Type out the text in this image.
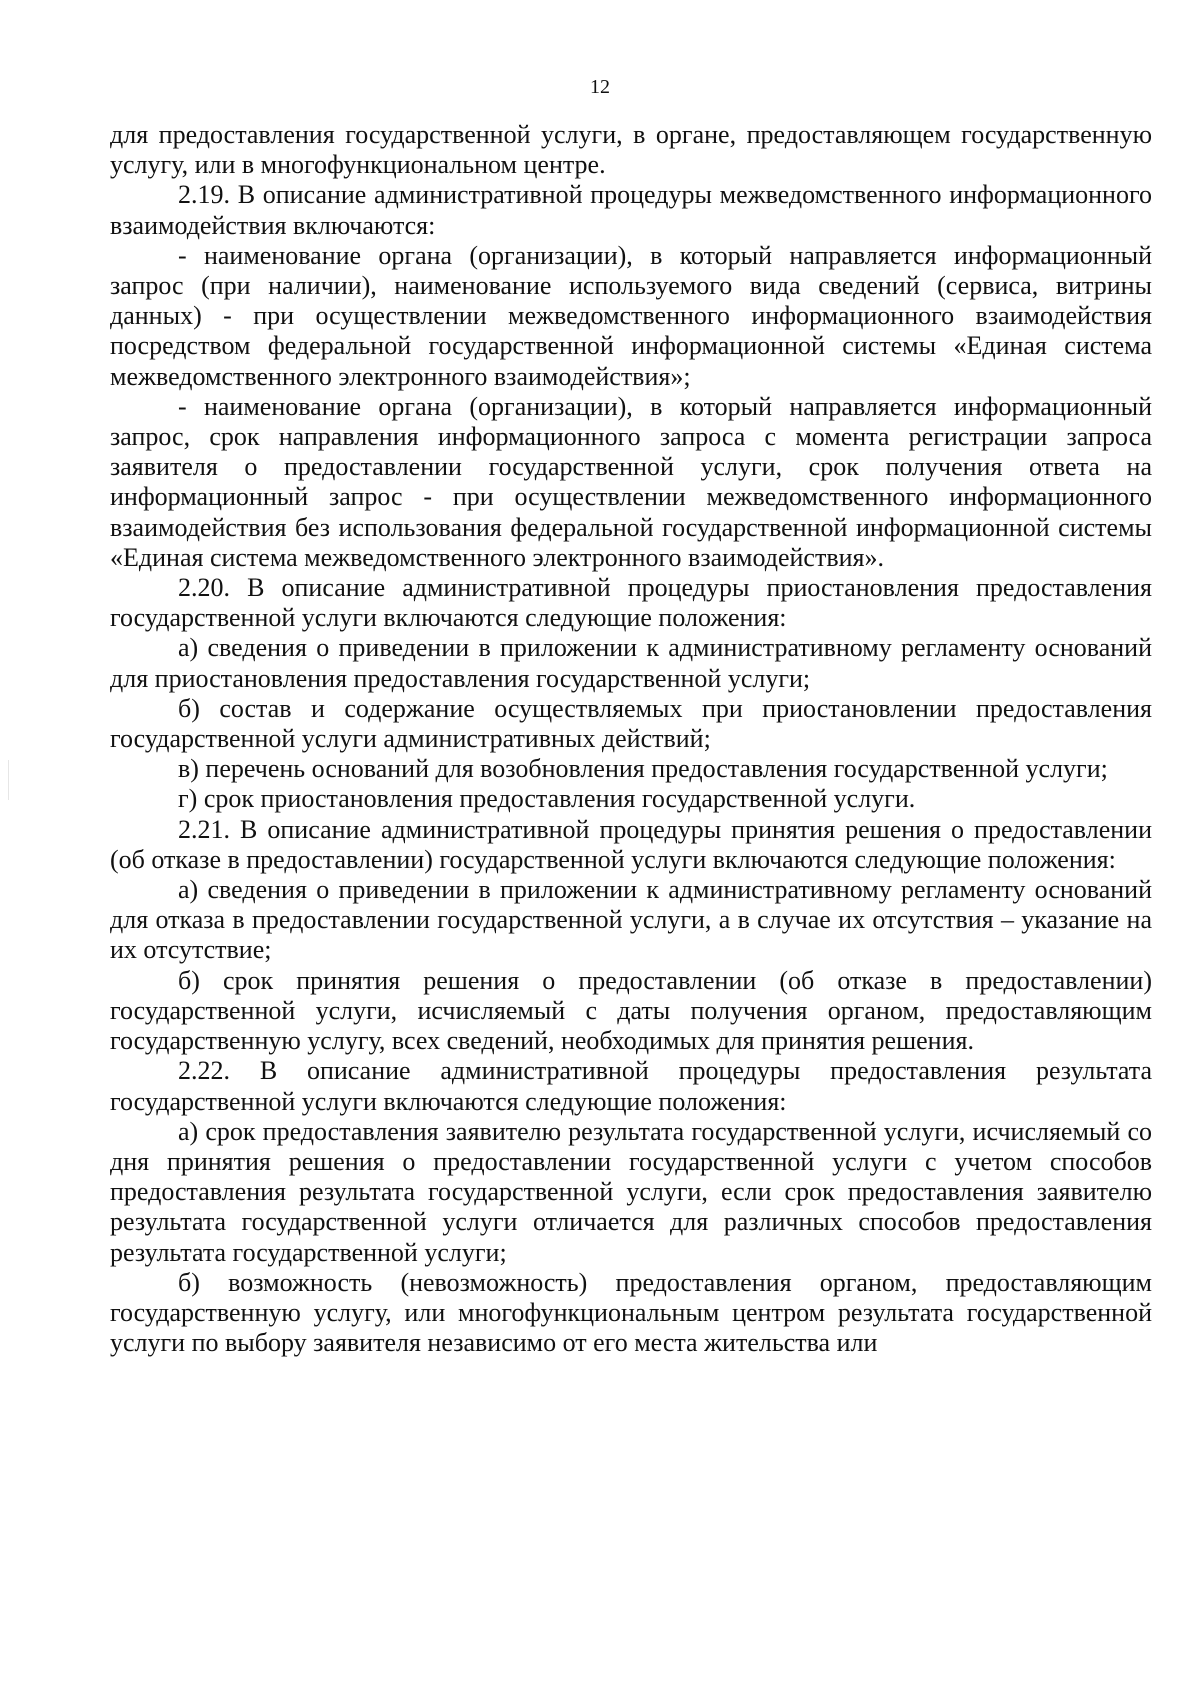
12

для предоставления государственной услуги, в органе, предоставляющем государственную услугу, или в многофункциональном центре.

2.19. В описание административной процедуры межведомственного информационного взаимодействия включаются:

- наименование органа (организации), в который направляется информационный запрос (при наличии), наименование используемого вида сведений (сервиса, витрины данных) - при осуществлении межведомственного информационного взаимодействия посредством федеральной государственной информационной системы «Единая система межведомственного электронного взаимодействия»;

- наименование органа (организации), в который направляется информационный запрос, срок направления информационного запроса с момента регистрации запроса заявителя о предоставлении государственной услуги, срок получения ответа на информационный запрос - при осуществлении межведомственного информационного взаимодействия без использования федеральной государственной информационной системы «Единая система межведомственного электронного взаимодействия».

2.20. В описание административной процедуры приостановления предоставления государственной услуги включаются следующие положения:

а) сведения о приведении в приложении к административному регламенту оснований для приостановления предоставления государственной услуги;

б) состав и содержание осуществляемых при приостановлении предоставления государственной услуги административных действий;

в) перечень оснований для возобновления предоставления государственной услуги;

г) срок приостановления предоставления государственной услуги.

2.21. В описание административной процедуры принятия решения о предоставлении (об отказе в предоставлении) государственной услуги включаются следующие положения:

а) сведения о приведении в приложении к административному регламенту оснований для отказа в предоставлении государственной услуги, а в случае их отсутствия – указание на их отсутствие;

б) срок принятия решения о предоставлении (об отказе в предоставлении) государственной услуги, исчисляемый с даты получения органом, предоставляющим государственную услугу, всех сведений, необходимых для принятия решения.

2.22. В описание административной процедуры предоставления результата государственной услуги включаются следующие положения:

а) срок предоставления заявителю результата государственной услуги, исчисляемый со дня принятия решения о предоставлении государственной услуги с учетом способов предоставления результата государственной услуги, если срок предоставления заявителю результата государственной услуги отличается для различных способов предоставления результата государственной услуги;

б) возможность (невозможность) предоставления органом, предоставляющим государственную услугу, или многофункциональным центром результата государственной услуги по выбору заявителя независимо от его места жительства или
